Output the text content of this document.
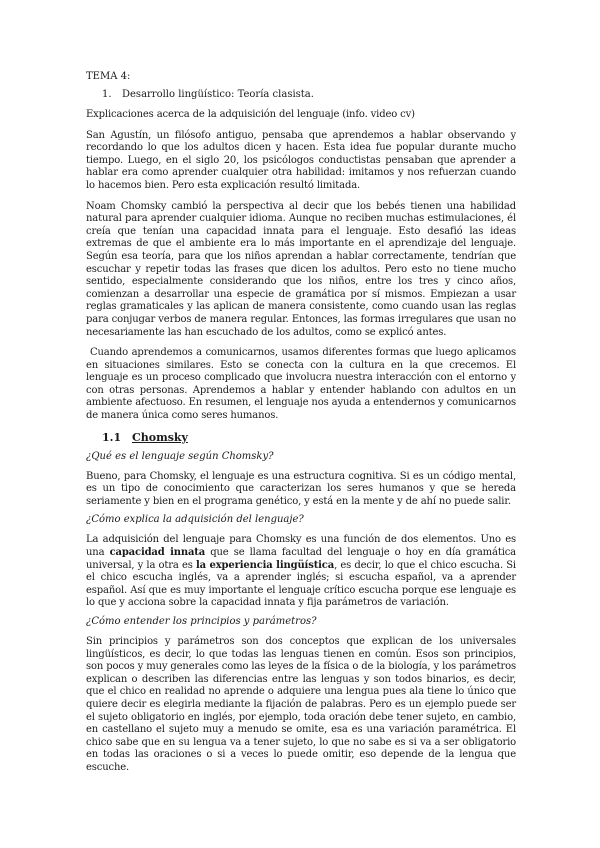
TEMA 4:
1. Desarrollo lingüístico: Teoría clasista.

Explicaciones acerca de la adquisición del lenguaje (info. video cv)

San Agustín, un filósofo antiguo, pensaba que aprendemos a hablar observando y recordando lo que los adultos dicen y hacen. Esta idea fue popular durante mucho tiempo. Luego, en el siglo 20, los psicólogos conductistas pensaban que aprender a hablar era como aprender cualquier otra habilidad: imitamos y nos refuerzan cuando lo hacemos bien. Pero esta explicación resultó limitada.

Noam Chomsky cambió la perspectiva al decir que los bebés tienen una habilidad natural para aprender cualquier idioma. Aunque no reciben muchas estimulaciones, él creía que tenían una capacidad innata para el lenguaje. Esto desafió las ideas extremas de que el ambiente era lo más importante en el aprendizaje del lenguaje. Según esa teoría, para que los niños aprendan a hablar correctamente, tendrían que escuchar y repetir todas las frases que dicen los adultos. Pero esto no tiene mucho sentido, especialmente considerando que los niños, entre los tres y cinco años, comienzan a desarrollar una especie de gramática por sí mismos. Empiezan a usar reglas gramaticales y las aplican de manera consistente, como cuando usan las reglas para conjugar verbos de manera regular. Entonces, las formas irregulares que usan no necesariamente las han escuchado de los adultos, como se explicó antes.

Cuando aprendemos a comunicarnos, usamos diferentes formas que luego aplicamos en situaciones similares. Esto se conecta con la cultura en la que crecemos. El lenguaje es un proceso complicado que involucra nuestra interacción con el entorno y con otras personas. Aprendemos a hablar y entender hablando con adultos en un ambiente afectuoso. En resumen, el lenguaje nos ayuda a entendernos y comunicarnos de manera única como seres humanos.

1.1 Chomsky

¿Qué es el lenguaje según Chomsky?

Bueno, para Chomsky, el lenguaje es una estructura cognitiva. Si es un código mental, es un tipo de conocimiento que caracterizan los seres humanos y que se hereda seriamente y bien en el programa genético, y está en la mente y de ahí no puede salir.

¿Cómo explica la adquisición del lenguaje?

La adquisición del lenguaje para Chomsky es una función de dos elementos. Uno es una capacidad innata que se llama facultad del lenguaje o hoy en día gramática universal, y la otra es la experiencia lingüística, es decir, lo que el chico escucha. Si el chico escucha inglés, va a aprender inglés; si escucha español, va a aprender español. Así que es muy importante el lenguaje crítico escucha porque ese lenguaje es lo que y acciona sobre la capacidad innata y fija parámetros de variación.

¿Cómo entender los principios y parámetros?

Sin principios y parámetros son dos conceptos que explican de los universales lingüísticos, es decir, lo que todas las lenguas tienen en común. Esos son principios, son pocos y muy generales como las leyes de la física o de la biología, y los parámetros explican o describen las diferencias entre las lenguas y son todos binarios, es decir, que el chico en realidad no aprende o adquiere una lengua pues ala tiene lo único que quiere decir es elegirla mediante la fijación de palabras. Pero es un ejemplo puede ser el sujeto obligatorio en inglés, por ejemplo, toda oración debe tener sujeto, en cambio, en castellano el sujeto muy a menudo se omite, esa es una variación paramétrica. El chico sabe que en su lengua va a tener sujeto, lo que no sabe es si va a ser obligatorio en todas las oraciones o si a veces lo puede omitir, eso depende de la lengua que escuche.
